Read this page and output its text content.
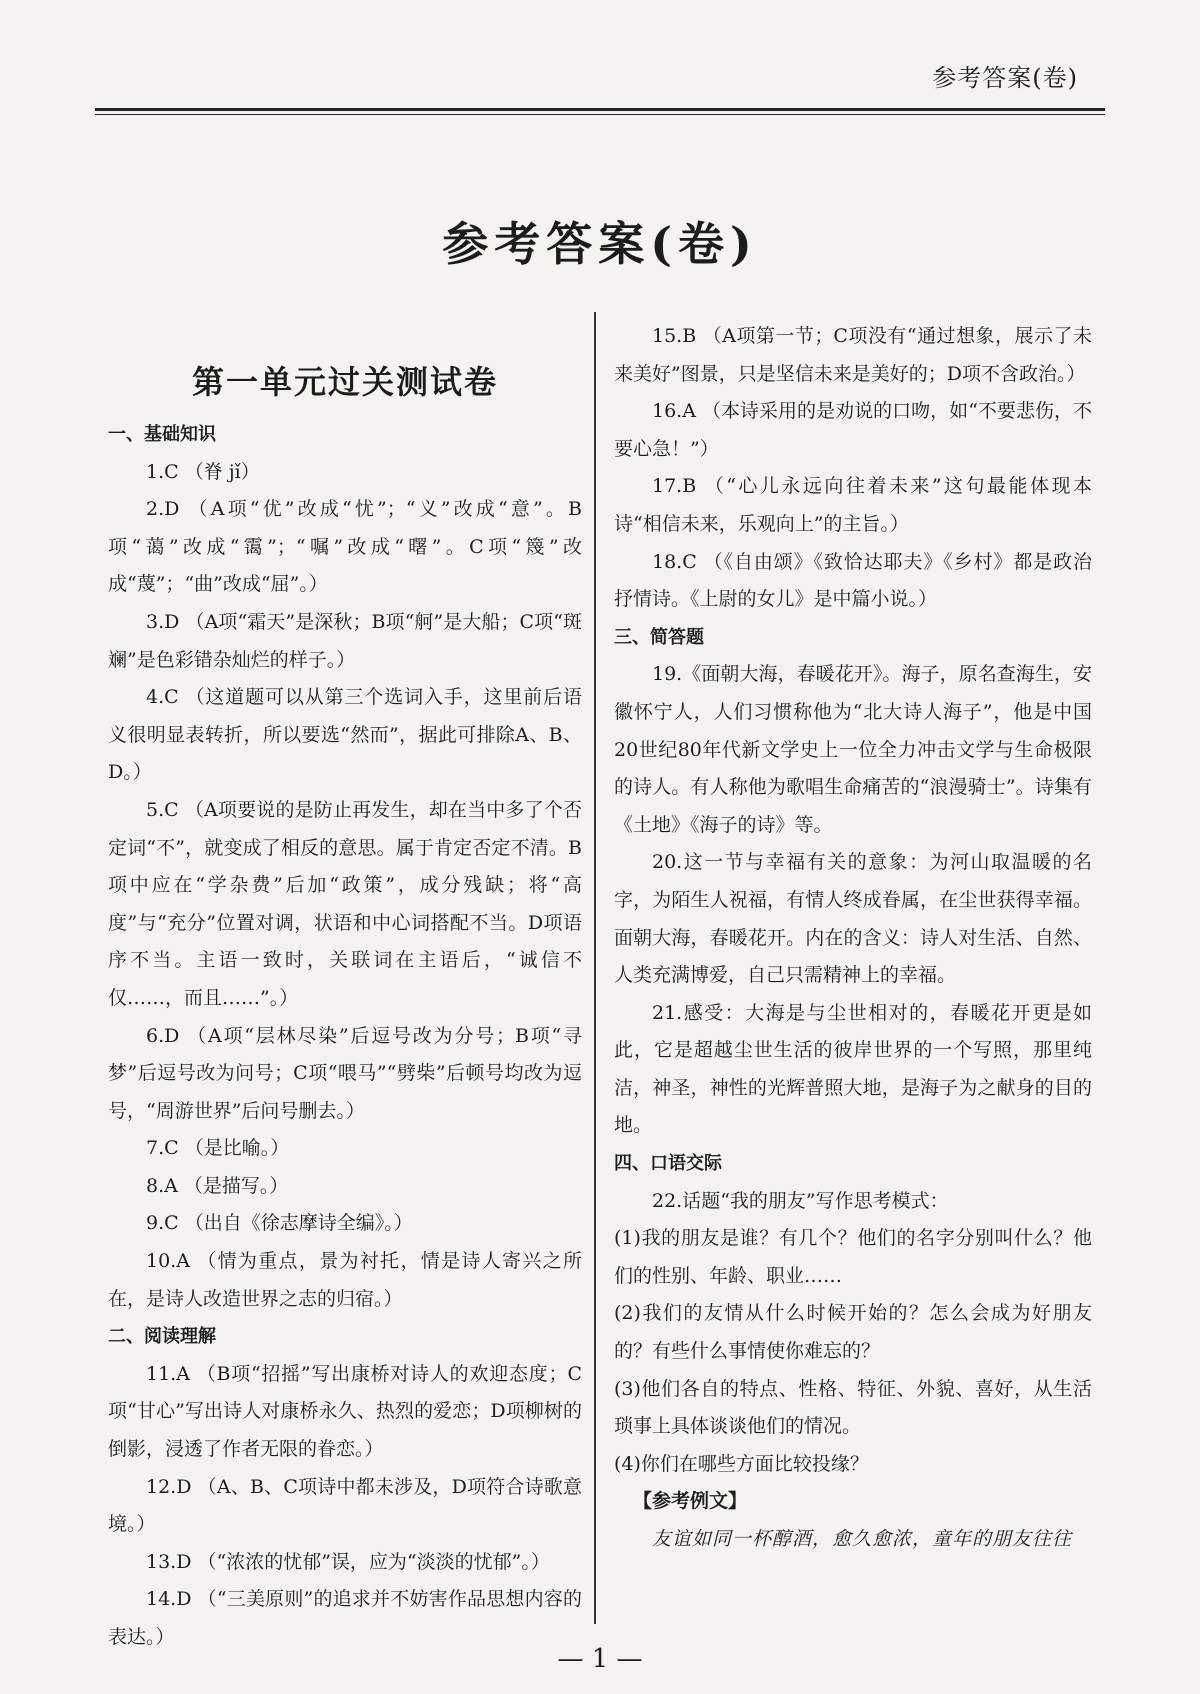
参考答案(卷)
参考答案(卷)
第一单元过关测试卷
一、基础知识
1.C （脊 jǐ）
2.D （A项“优”改成“忧”；“义”改成“意”。B项“蔼”改成“霭”；“嘱”改成“曙”。C项“篾”改成“蔑”；“曲”改成“屈”。）
3.D （A项“霜天”是深秋；B项“舸”是大船；C项“斑斓”是色彩错杂灿烂的样子。）
4.C （这道题可以从第三个选词入手，这里前后语义很明显表转折，所以要选“然而”，据此可排除A、B、D。）
5.C （A项要说的是防止再发生，却在当中多了个否定词“不”，就变成了相反的意思。属于肯定否定不清。B项中应在“学杂费”后加“政策”，成分残缺；将“高度”与“充分”位置对调，状语和中心词搭配不当。D项语序不当。主语一致时，关联词在主语后，“诚信不仅……，而且……”。）
6.D （A项“层林尽染”后逗号改为分号；B项“寻梦”后逗号改为问号；C项“喂马”“劈柴”后顿号均改为逗号，“周游世界”后问号删去。）
7.C （是比喻。）
8.A （是描写。）
9.C （出自《徐志摩诗全编》。）
10.A （情为重点，景为衬托，情是诗人寄兴之所在，是诗人改造世界之志的归宿。）
二、阅读理解
11.A （B项“招摇”写出康桥对诗人的欢迎态度；C项“甘心”写出诗人对康桥永久、热烈的爱恋；D项柳树的倒影，浸透了作者无限的眷恋。）
12.D （A、B、C项诗中都未涉及，D项符合诗歌意境。）
13.D （“浓浓的忧郁”误，应为“淡淡的忧郁”。）
14.D （“三美原则”的追求并不妨害作品思想内容的表达。）
15.B （A项第一节；C项没有“通过想象，展示了未来美好”图景，只是坚信未来是美好的；D项不含政治。）
16.A （本诗采用的是劝说的口吻，如“不要悲伤，不要心急！”）
17.B （“心儿永远向往着未来”这句最能体现本诗“相信未来，乐观向上”的主旨。）
18.C （《自由颂》《致恰达耶夫》《乡村》都是政治抒情诗。《上尉的女儿》是中篇小说。）
三、简答题
19.《面朝大海，春暖花开》。海子，原名查海生，安徽怀宁人，人们习惯称他为“北大诗人海子”，他是中国20世纪80年代新文学史上一位全力冲击文学与生命极限的诗人。有人称他为歌唱生命痛苦的“浪漫骑士”。诗集有《土地》《海子的诗》等。
20.这一节与幸福有关的意象：为河山取温暖的名字，为陌生人祝福，有情人终成眷属，在尘世获得幸福。面朝大海，春暖花开。内在的含义：诗人对生活、自然、人类充满博爱，自己只需精神上的幸福。
21.感受：大海是与尘世相对的，春暖花开更是如此，它是超越尘世生活的彼岸世界的一个写照，那里纯洁，神圣，神性的光辉普照大地，是海子为之献身的目的地。
四、口语交际
22.话题“我的朋友”写作思考模式：
(1)我的朋友是谁？有几个？他们的名字分别叫什么？他们的性别、年龄、职业……
(2)我们的友情从什么时候开始的？怎么会成为好朋友的？有些什么事情使你难忘的？
(3)他们各自的特点、性格、特征、外貌、喜好，从生活琐事上具体谈谈他们的情况。
(4)你们在哪些方面比较投缘？
【参考例文】
友谊如同一杯醇酒，愈久愈浓，童年的朋友往往
— 1 —
